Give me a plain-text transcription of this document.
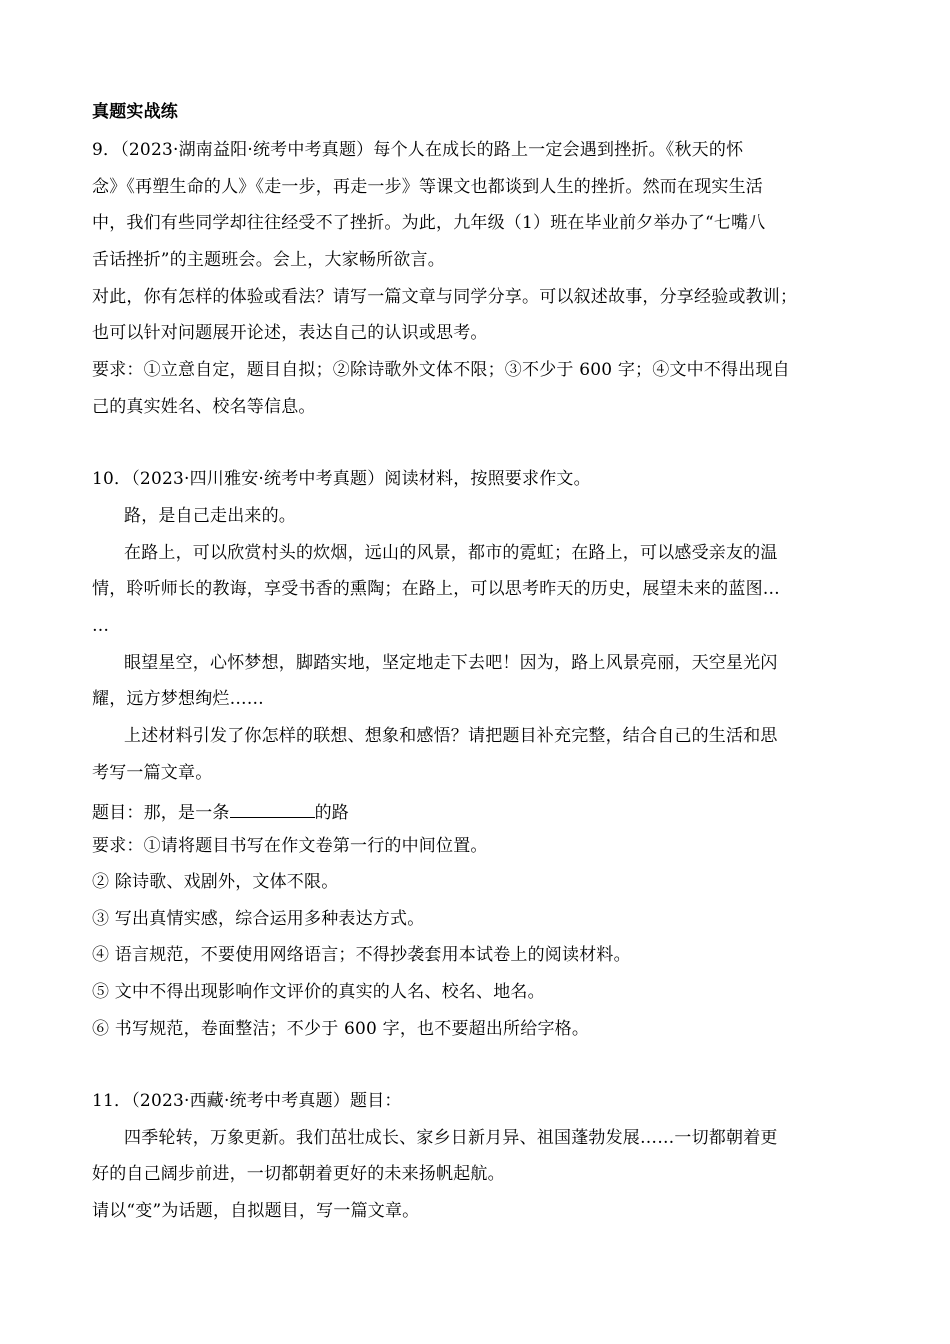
真题实战练
9．（2023·湖南益阳·统考中考真题）每个人在成长的路上一定会遇到挫折。《秋天的怀
念》《再塑生命的人》《走一步，再走一步》等课文也都谈到人生的挫折。然而在现实生活
中，我们有些同学却往往经受不了挫折。为此，九年级（1）班在毕业前夕举办了“七嘴八
舌话挫折”的主题班会。会上，大家畅所欲言。
对此，你有怎样的体验或看法？请写一篇文章与同学分享。可以叙述故事，分享经验或教训；
也可以针对问题展开论述，表达自己的认识或思考。
要求：①立意自定，题目自拟；②除诗歌外文体不限；③不少于 600 字；④文中不得出现自
己的真实姓名、校名等信息。
10．（2023·四川雅安·统考中考真题）阅读材料，按照要求作文。
路，是自己走出来的。
在路上，可以欣赏村头的炊烟，远山的风景，都市的霓虹；在路上，可以感受亲友的温
情，聆听师长的教诲，享受书香的熏陶；在路上，可以思考昨天的历史，展望未来的蓝图…
…
眼望星空，心怀梦想，脚踏实地，坚定地走下去吧！因为，路上风景亮丽，天空星光闪
耀，远方梦想绚烂……
上述材料引发了你怎样的联想、想象和感悟？请把题目补充完整，结合自己的生活和思
考写一篇文章。
题目：那，是一条	的路
要求：①请将题目书写在作文卷第一行的中间位置。
② 除诗歌、戏剧外，文体不限。
③ 写出真情实感，综合运用多种表达方式。
④ 语言规范，不要使用网络语言；不得抄袭套用本试卷上的阅读材料。
⑤ 文中不得出现影响作文评价的真实的人名、校名、地名。
⑥ 书写规范，卷面整洁；不少于 600 字，也不要超出所给字格。
11．（2023·西藏·统考中考真题）题目：
四季轮转，万象更新。我们茁壮成长、家乡日新月异、祖国蓬勃发展……一切都朝着更
好的自己阔步前进，一切都朝着更好的未来扬帆起航。
请以“变”为话题，自拟题目，写一篇文章。
